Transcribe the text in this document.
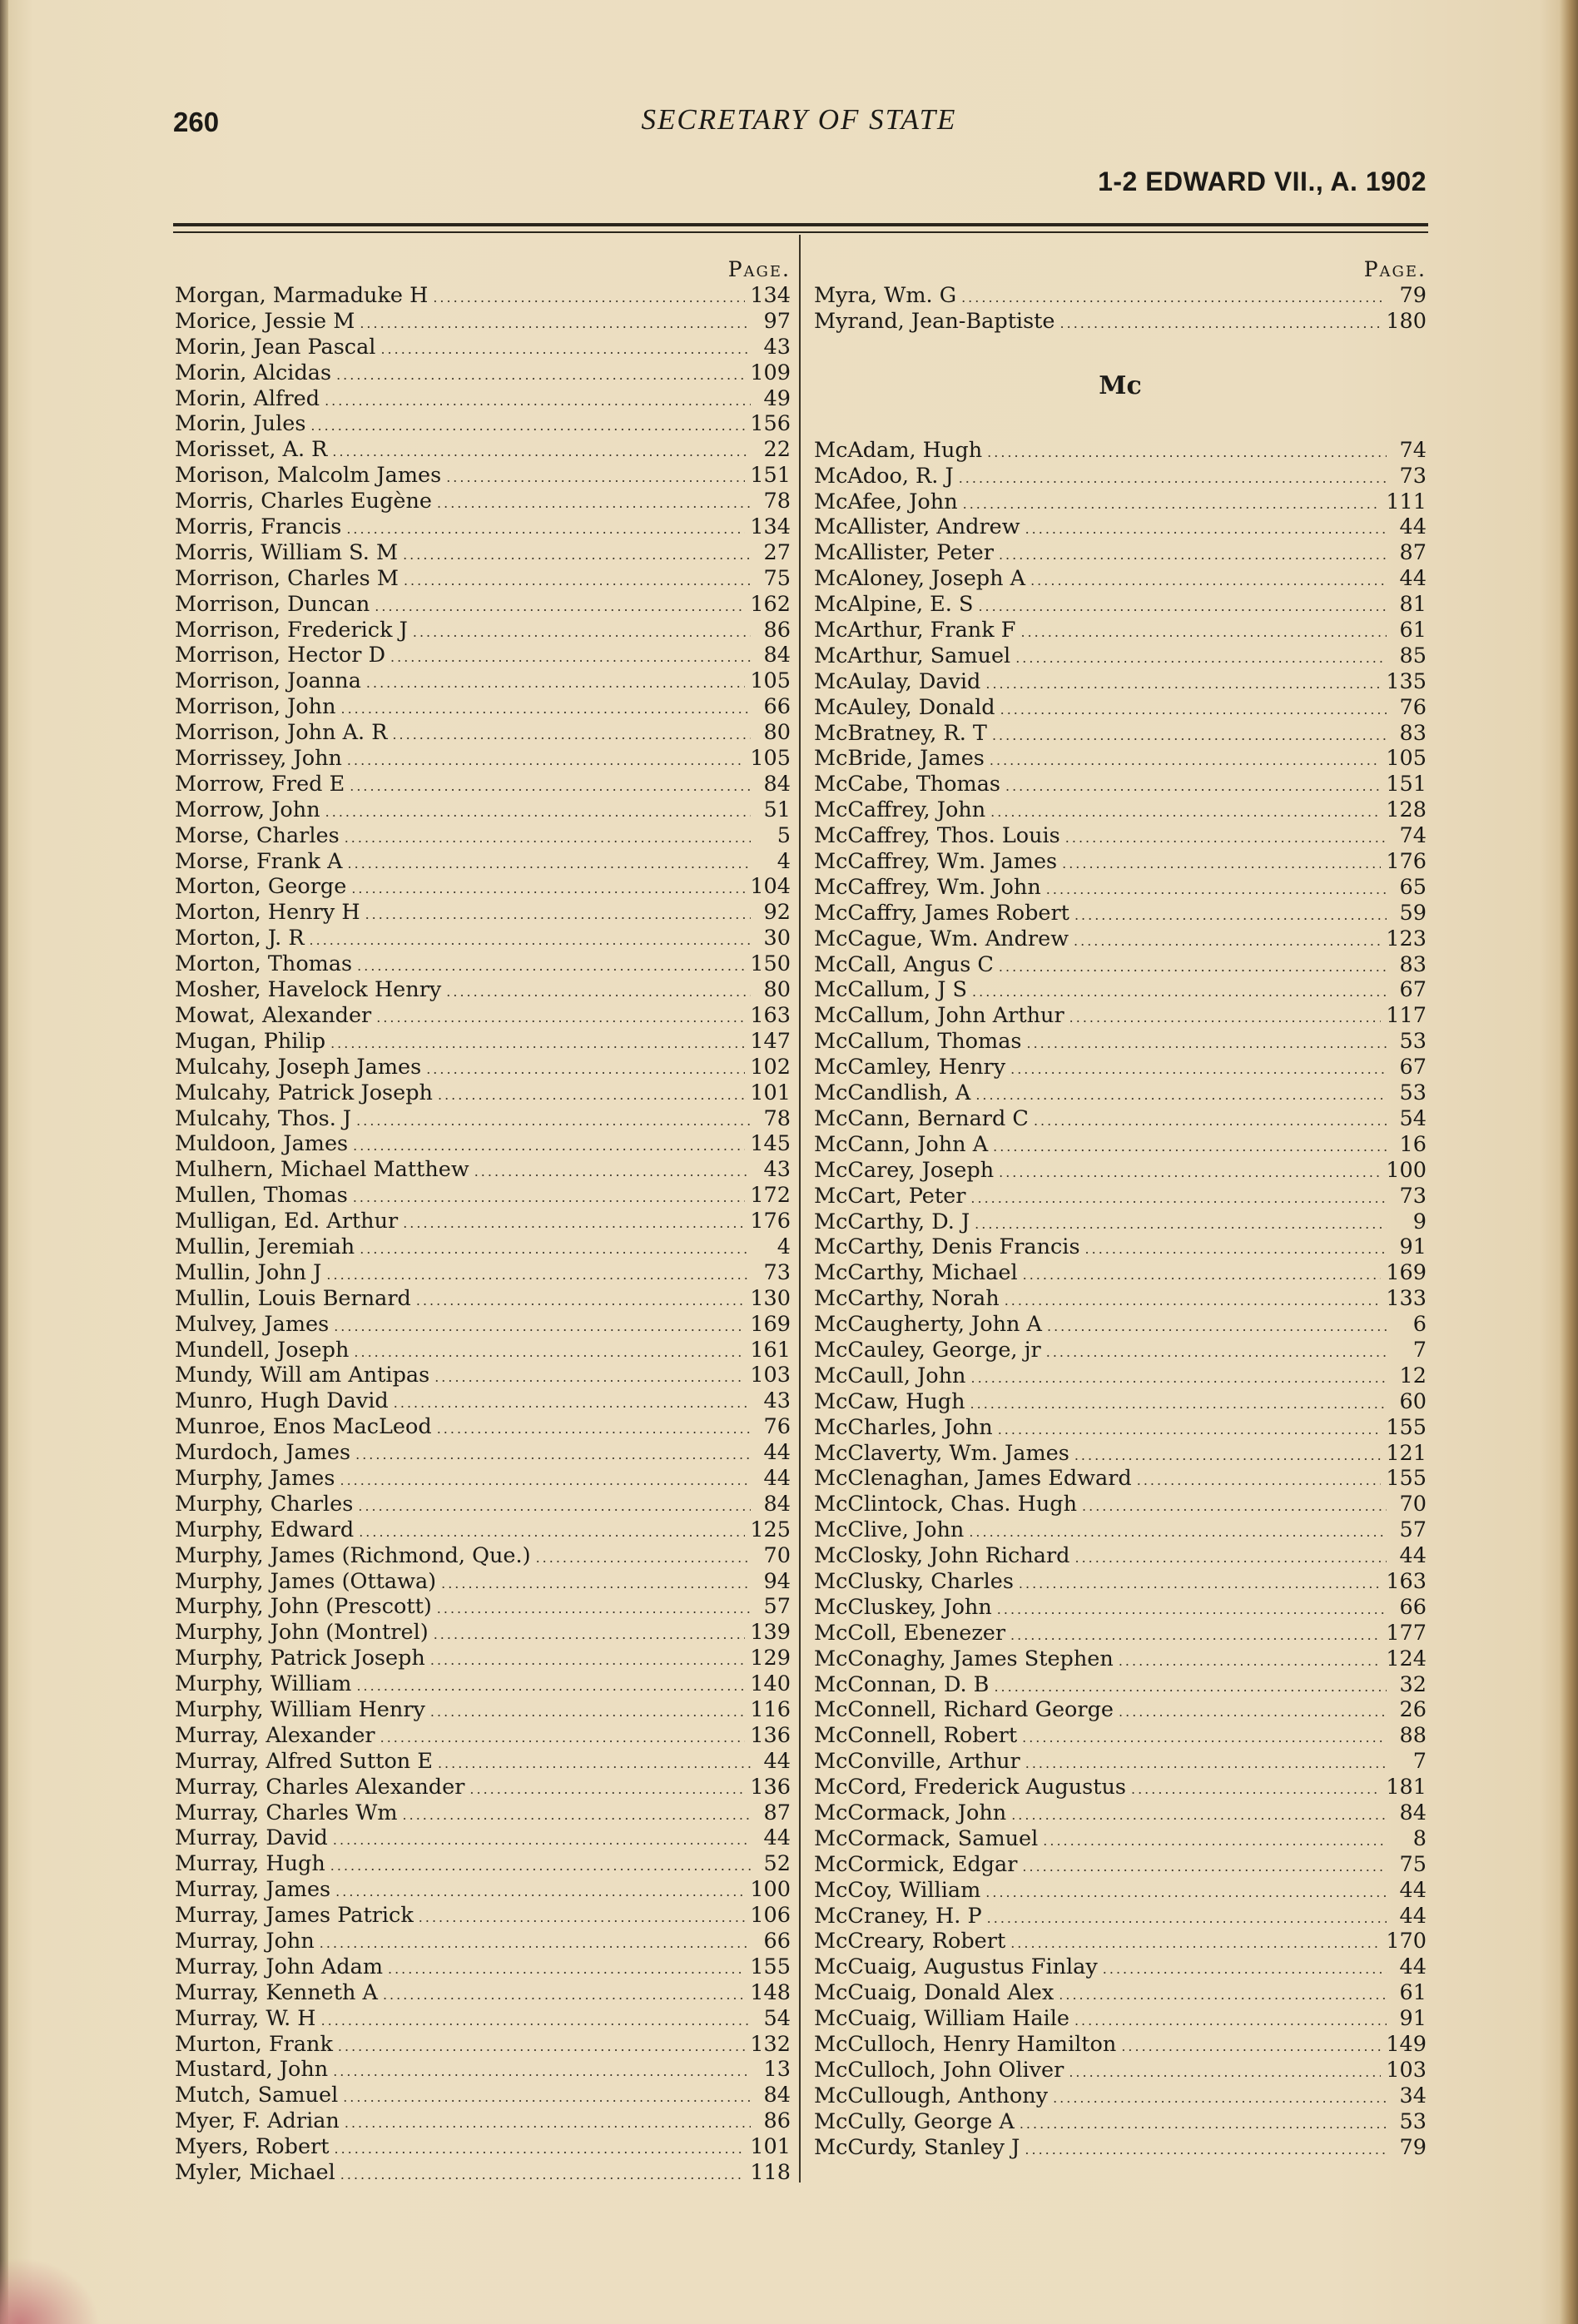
260	SECRETARY OF STATE
1-2 EDWARD VII., A. 1902
Page.
Morgan, Marmaduke H .....	134
Morice, Jessie M .....	97
Morin, Jean Pascal .....	43
Morin, Alcidas .....	109
Morin, Alfred .....	49
Morin, Jules .....	156
Morisset, A. R .....	22
Morison, Malcolm James .....	151
Morris, Charles Eugène .....	78
Morris, Francis .....	134
Morris, William S. M .....	27
Morrison, Charles M .....	75
Morrison, Duncan .....	162
Morrison, Frederick J .....	86
Morrison, Hector D .....	84
Morrison, Joanna .....	105
Morrison, John .....	66
Morrison, John A. R .....	80
Morrissey, John .....	105
Morrow, Fred E .....	84
Morrow, John .....	51
Morse, Charles .....	5
Morse, Frank A .....	4
Morton, George .....	104
Morton, Henry H .....	92
Morton, J. R .....	30
Morton, Thomas .....	150
Mosher, Havelock Henry .....	80
Mowat, Alexander .....	163
Mugan, Philip .....	147
Mulcahy, Joseph James .....	102
Mulcahy, Patrick Joseph .....	101
Mulcahy, Thos. J .....	78
Muldoon, James .....	145
Mulhern, Michael Matthew .....	43
Mullen, Thomas .....	172
Mulligan, Ed. Arthur .....	176
Mullin, Jeremiah .....	4
Mullin, John J .....	73
Mullin, Louis Bernard .....	130
Mulvey, James .....	169
Mundell, Joseph .....	161
Mundy, Will am Antipas .....	103
Munro, Hugh David .....	43
Munroe, Enos MacLeod .....	76
Murdoch, James .....	44
Murphy, James .....	44
Murphy, Charles .....	84
Murphy, Edward .....	125
Murphy, James (Richmond, Que.) .....	70
Murphy, James (Ottawa) .....	94
Murphy, John (Prescott) .....	57
Murphy, John (Montrel) .....	139
Murphy, Patrick Joseph .....	129
Murphy, William .....	140
Murphy, William Henry .....	116
Murray, Alexander .....	136
Murray, Alfred Sutton E .....	44
Murray, Charles Alexander .....	136
Murray, Charles Wm .....	87
Murray, David .....	44
Murray, Hugh .....	52
Murray, James .....	100
Murray, James Patrick .....	106
Murray, John .....	66
Murray, John Adam .....	155
Murray, Kenneth A .....	148
Murray, W. H .....	54
Murton, Frank .....	132
Mustard, John .....	13
Mutch, Samuel .....	84
Myer, F. Adrian .....	86
Myers, Robert .....	101
Myler, Michael .....	118
Page.
Myra, Wm. G .....	79
Myrand, Jean-Baptiste .....	180
Mc
McAdam, Hugh .....	74
McAdoo, R. J .....	73
McAfee, John .....	111
McAllister, Andrew .....	44
McAllister, Peter .....	87
McAloney, Joseph A .....	44
McAlpine, E. S .....	81
McArthur, Frank F .....	61
McArthur, Samuel .....	85
McAulay, David .....	135
McAuley, Donald .....	76
McBratney, R. T .....	83
McBride, James .....	105
McCabe, Thomas .....	151
McCaffrey, John .....	128
McCaffrey, Thos. Louis .....	74
McCaffrey, Wm. James .....	176
McCaffrey, Wm. John .....	65
McCaffry, James Robert .....	59
McCague, Wm. Andrew .....	123
McCall, Angus C .....	83
McCallum, J S .....	67
McCallum, John Arthur .....	117
McCallum, Thomas .....	53
McCamley, Henry .....	67
McCandlish, A .....	53
McCann, Bernard C .....	54
McCann, John A .....	16
McCarey, Joseph .....	100
McCart, Peter .....	73
McCarthy, D. J .....	9
McCarthy, Denis Francis .....	91
McCarthy, Michael .....	169
McCarthy, Norah .....	133
McCaugherty, John A .....	6
McCauley, George, jr .....	7
McCaull, John .....	12
McCaw, Hugh .....	60
McCharles, John .....	155
McClaverty, Wm. James .....	121
McClenaghan, James Edward .....	155
McClintock, Chas. Hugh .....	70
McClive, John .....	57
McClosky, John Richard .....	44
McClusky, Charles .....	163
McCluskey, John .....	66
McColl, Ebenezer .....	177
McConaghy, James Stephen .....	124
McConnan, D. B .....	32
McConnell, Richard George .....	26
McConnell, Robert .....	88
McConville, Arthur .....	7
McCord, Frederick Augustus .....	181
McCormack, John .....	84
McCormack, Samuel .....	8
McCormick, Edgar .....	75
McCoy, William .....	44
McCraney, H. P .....	44
McCreary, Robert .....	170
McCuaig, Augustus Finlay .....	44
McCuaig, Donald Alex .....	61
McCuaig, William Haile .....	91
McCulloch, Henry Hamilton .....	149
McCulloch, John Oliver .....	103
McCullough, Anthony .....	34
McCully, George A .....	53
McCurdy, Stanley J .....	79
